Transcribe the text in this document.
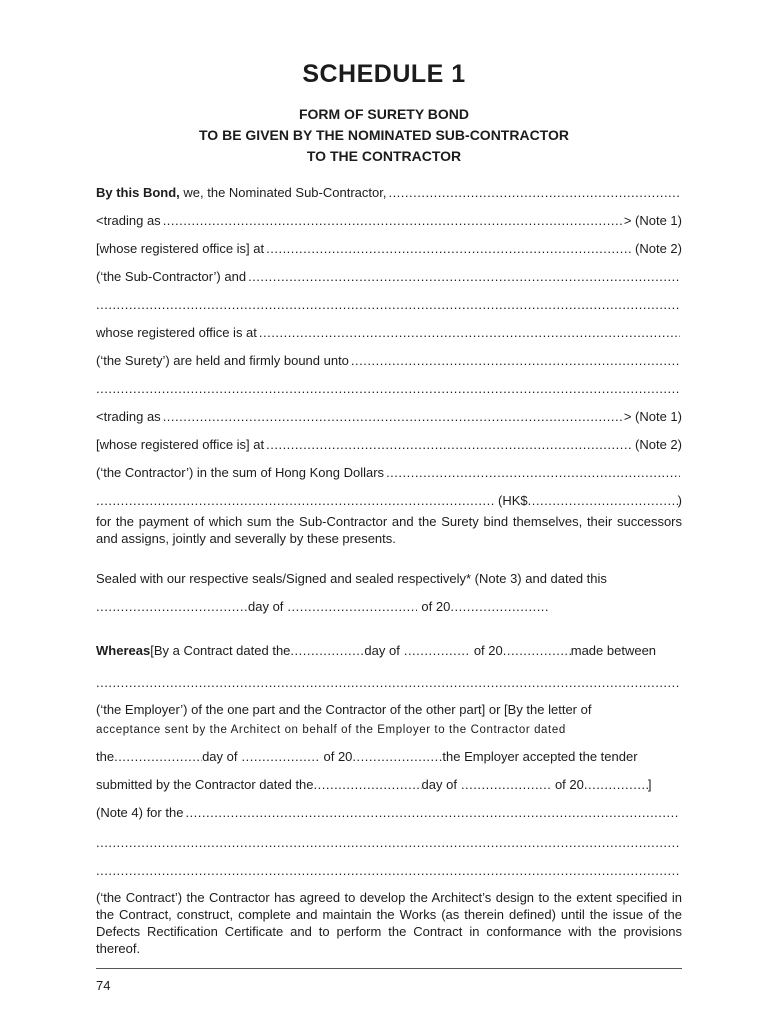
SCHEDULE 1
FORM OF SURETY BOND
TO BE GIVEN BY THE NOMINATED SUB-CONTRACTOR
TO THE CONTRACTOR
By this Bond, we, the Nominated Sub-Contractor,
.....
<trading as .....	> (Note 1)
[whose registered office is] at .....	(Note 2)
(‘the Sub-Contractor’) and
.....
.....
whose registered office is at
.....
(‘the Surety’) are held and firmly bound unto
.....
.....
<trading as .....	> (Note 1)
[whose registered office is] at .....	(Note 2)
(‘the Contractor’) in the sum of Hong Kong Dollars
.....
.....
(HK$ .....	)
for the payment of which sum the Sub-Contractor and the Surety bind themselves, their successors and assigns, jointly and severally by these presents.
Sealed with our respective seals/Signed and sealed respectively* (Note 3) and dated this
.....
day of .....	of 20
.....
Whereas [By a Contract dated the .....	day of .....	of 20 .....	made between
.....
(‘the Employer’) of the one part and the Contractor of the other part] or [By the letter of
acceptance sent by the Architect on behalf of the Employer to the Contractor dated
the .....	day of .....	of 20 .....	the Employer accepted the tender
submitted by the Contractor dated the .....	day of .....	of 20 .....	]
(Note 4) for the
.....
.....
.....
(‘the Contract’) the Contractor has agreed to develop the Architect’s design to the extent specified in the Contract, construct, complete and maintain the Works (as therein defined) until the issue of the Defects Rectification Certificate and to perform the Contract in conformance with the provisions thereof.
74
